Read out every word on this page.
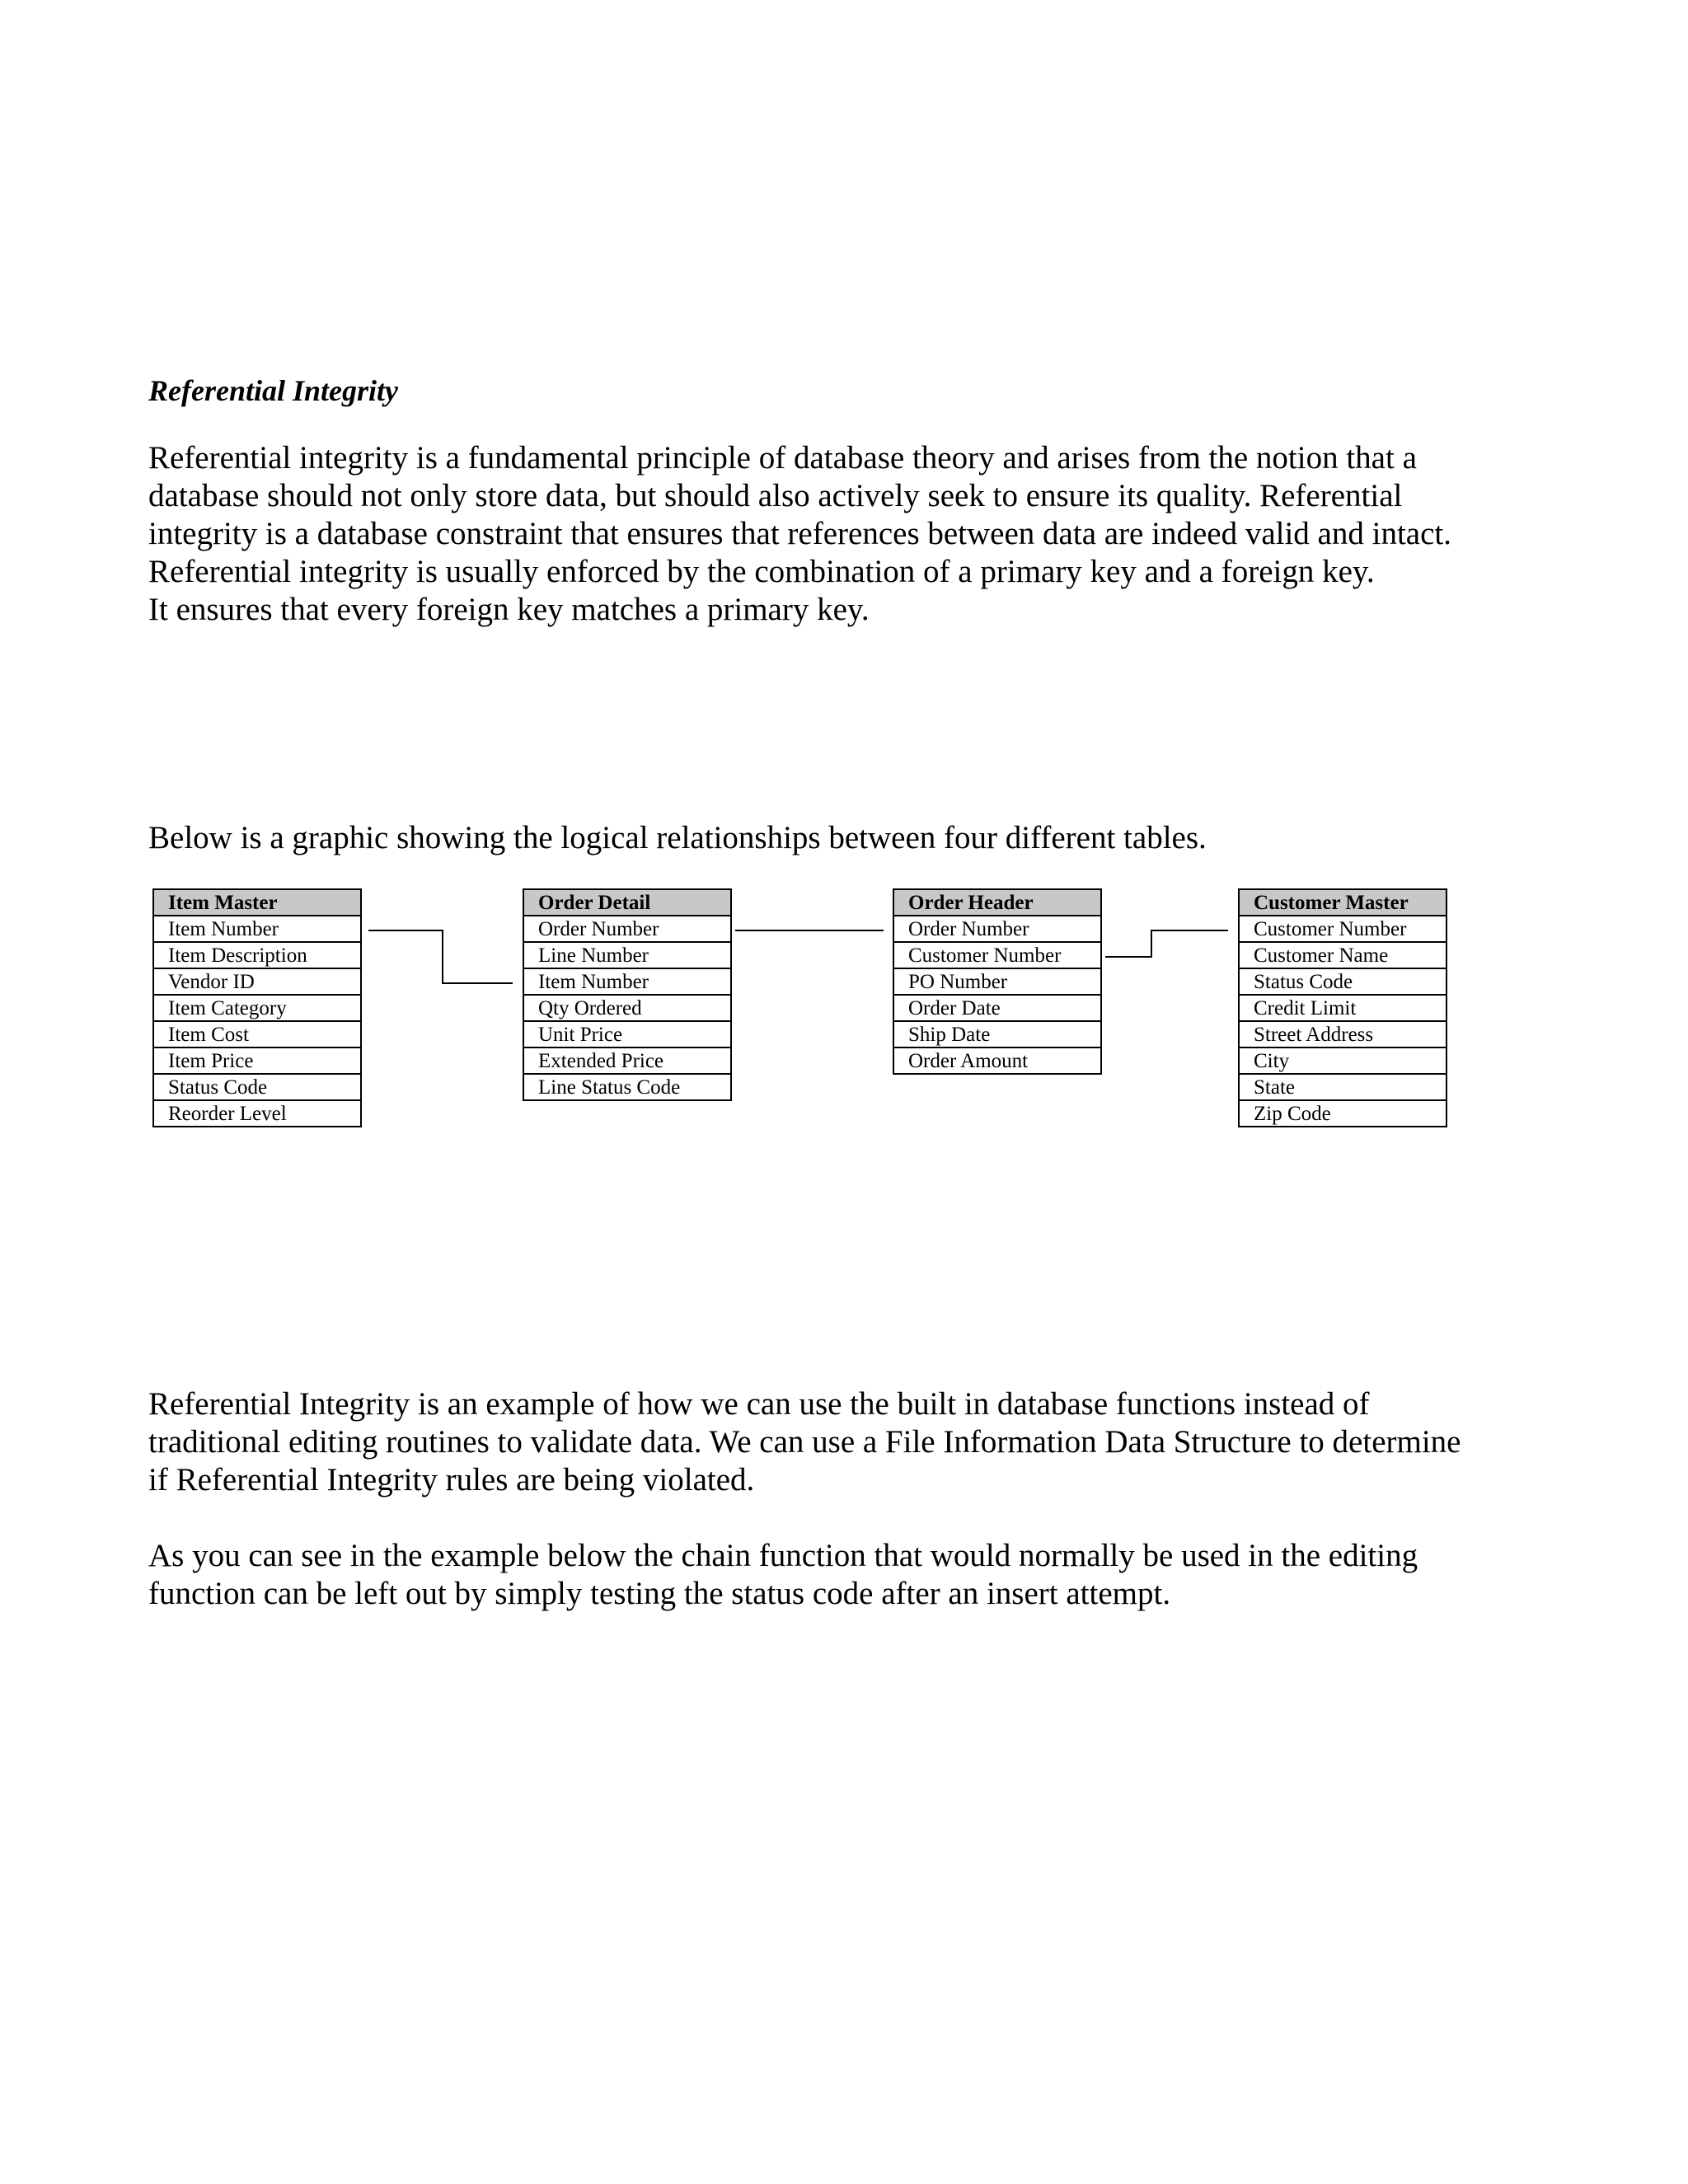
Referential Integrity

Referential integrity is a fundamental principle of database theory and arises from the notion that a
database should not only store data, but should also actively seek to ensure its quality. Referential
integrity is a database constraint that ensures that references between data are indeed valid and intact.
Referential integrity is usually enforced by the combination of a primary key and a foreign key.
It ensures that every foreign key matches a primary key.

Below is a graphic showing the logical relationships between four different tables.

Item Master
Item Number
Item Description
Vendor ID
Item Category
Item Cost
Item Price
Status Code
Reorder Level
Order Detail
Order Number
Line Number
Item Number
Qty Ordered
Unit Price
Extended Price
Line Status Code
Order Header
Order Number
Customer Number
PO Number
Order Date
Ship Date
Order Amount
Customer Master
Customer Number
Customer Name
Status Code
Credit Limit
Street Address
City
State
Zip Code

Referential Integrity is an example of how we can use the built in database functions instead of
traditional editing routines to validate data. We can use a File Information Data Structure to determine
if Referential Integrity rules are being violated.

As you can see in the example below the chain function that would normally be used in the editing
function can be left out by simply testing the status code after an insert attempt.
